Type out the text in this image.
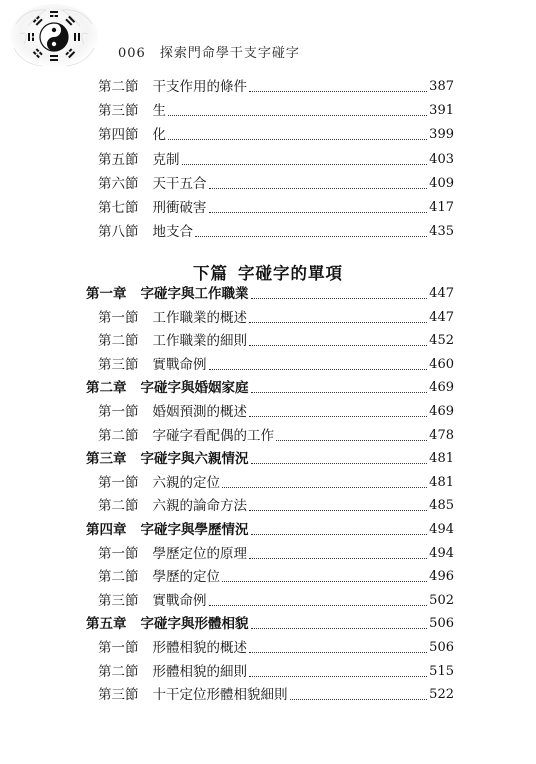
006 探索門命學干支字碰字
第二節 干支作用的條件	387
第三節 生	391
第四節 化	399
第五節 克制	403
第六節 天干五合	409
第七節 刑衝破害	417
第八節 地支合	435
下篇 字碰字的單項
第一章 字碰字與工作職業	447
第一節 工作職業的概述	447
第二節 工作職業的細則	452
第三節 實戰命例	460
第二章 字碰字與婚姻家庭	469
第一節 婚姻預測的概述	469
第二節 字碰字看配偶的工作	478
第三章 字碰字與六親情況	481
第一節 六親的定位	481
第二節 六親的論命方法	485
第四章 字碰字與學歷情況	494
第一節 學歷定位的原理	494
第二節 學歷的定位	496
第三節 實戰命例	502
第五章 字碰字與形體相貌	506
第一節 形體相貌的概述	506
第二節 形體相貌的細則	515
第三節 十干定位形體相貌細則	522
